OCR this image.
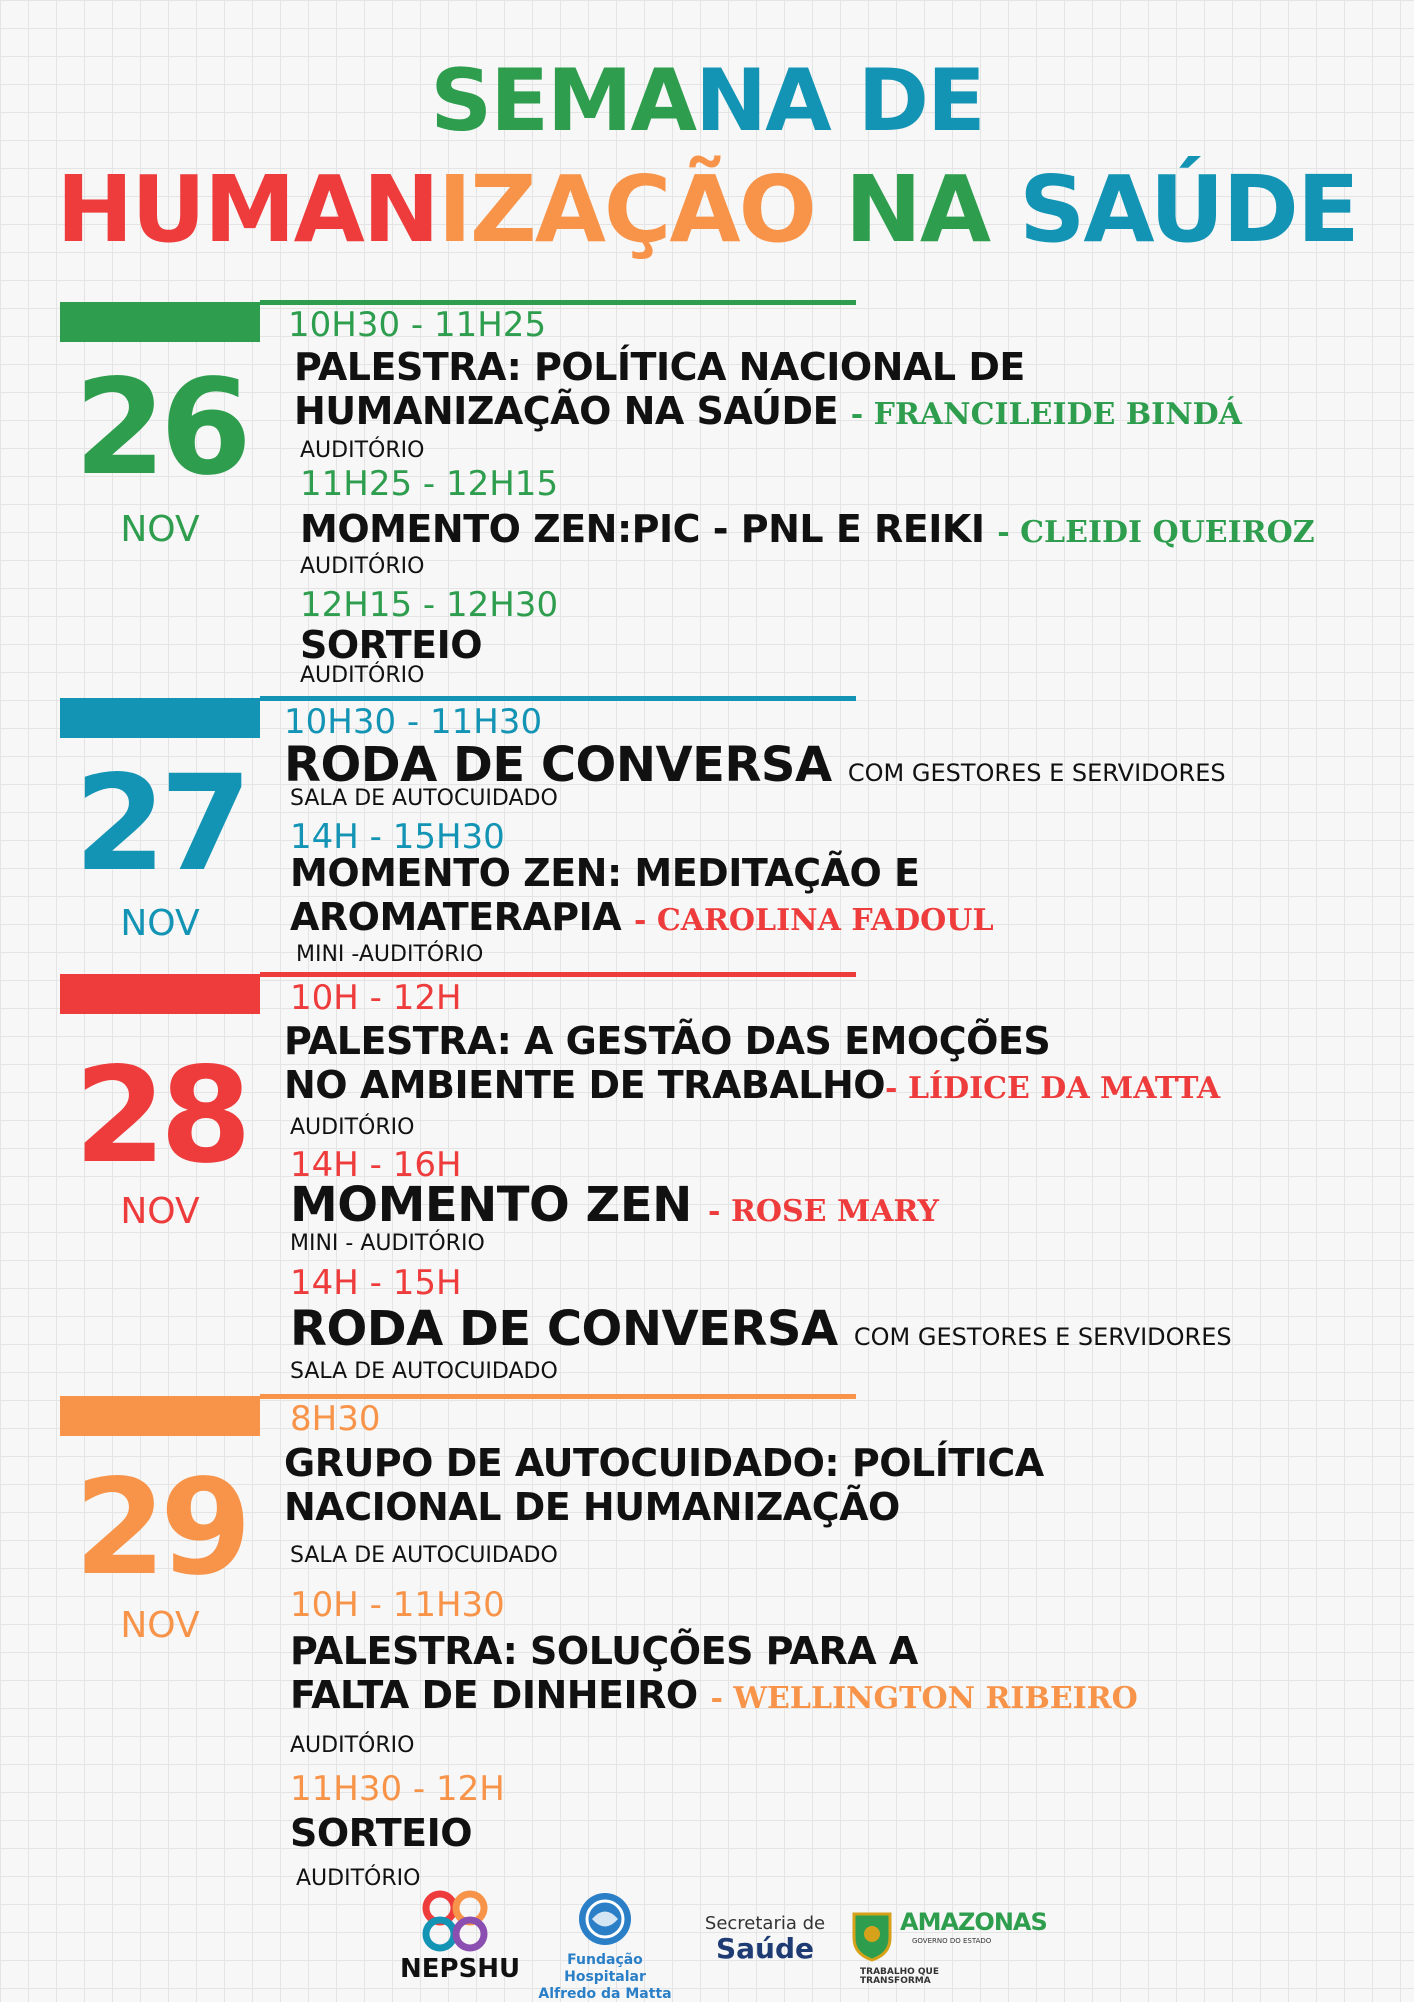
SEMANA DE
HUMANIZAÇÃO NA SAÚDE
26
NOV
10H30 - 11H25
PALESTRA: POLÍTICA NACIONAL DE
HUMANIZAÇÃO NA SAÚDE - FRANCILEIDE BINDÁ
AUDITÓRIO
11H25 - 12H15
MOMENTO ZEN:PIC - PNL E REIKI - CLEIDI QUEIROZ
AUDITÓRIO
12H15 - 12H30
SORTEIO
AUDITÓRIO
27
NOV
10H30 - 11H30
RODA DE CONVERSA COM GESTORES E SERVIDORES
SALA DE AUTOCUIDADO
14H - 15H30
MOMENTO ZEN: MEDITAÇÃO E
AROMATERAPIA - CAROLINA FADOUL
MINI -AUDITÓRIO
28
NOV
10H - 12H
PALESTRA: A GESTÃO DAS EMOÇÕES
NO AMBIENTE DE TRABALHO- LÍDICE DA MATTA
AUDITÓRIO
14H - 16H
MOMENTO ZEN - ROSE MARY
MINI - AUDITÓRIO
14H - 15H
RODA DE CONVERSA COM GESTORES E SERVIDORES
SALA DE AUTOCUIDADO
29
NOV
8H30
GRUPO DE AUTOCUIDADO: POLÍTICA
NACIONAL DE HUMANIZAÇÃO
SALA DE AUTOCUIDADO
10H - 11H30
PALESTRA: SOLUÇÕES PARA A
FALTA DE DINHEIRO - WELLINGTON RIBEIRO
AUDITÓRIO
11H30 - 12H
SORTEIO
AUDITÓRIO
NEPSHU	Fundação Hospitalar
Alfredo da Matta
Secretaria de
Saúde
AMAZONAS
GOVERNO DO ESTADO
TRABALHO QUE TRANSFORMA
